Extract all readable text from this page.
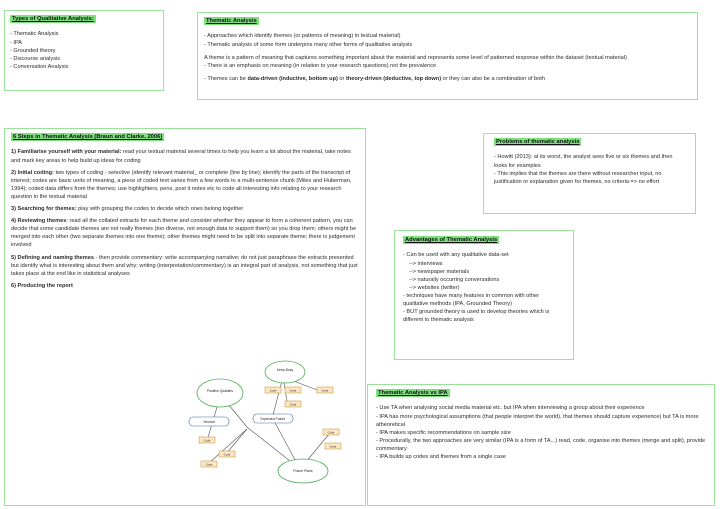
Types of Qualitative Analysis:
- Thematic Analysis
- IPA
- Grounded theory
- Discourse analysis
- Conversation Analysis
Thematic Analysis
- Approaches which identify themes (or patterns of meaning) in textual material)
- Thematic analysis of some form underpins many other forms of qualitative analysis
A theme is a pattern of meaning that captures something important about the material and represents some level of patterned response within the dataset (textual material)
- There is an emphasis on meaning (in relation to your research questions) not the prevalence
- Themes can be data-driven (inductive, bottom up) or theory-driven (deductive, top down) or they can also be a combination of both
6 Steps in Thematic Analysis (Braun and Clarke, 2006)

1) Familiarise yourself with your material: read your textual material several times to help you learn a lot about the material, take notes and mark key areas to help build up ideas for coding

2) Initial coding: two types of coding - selective (identify relevant material_ or complete (line by line); identify the parts of the transcript of interest; codes are basic units of meaning, a piece of coded text varies from a few words to a multi-sentence chunk (Miles and Huberman, 1994); coded data differs from the themes; use highlighters, pens, post it notes etc to code all interesting info relating to your research question in the textual material

3) Searching for themes: play with grouping the codes to decide which ones belong together

4) Reviewing themes: read all the collated extracts for each theme and consider whether they appear to form a coherent pattern, you can decide that some candidate themes are not really themes (too diverse, not enough data to support them) so you drop them; others might be merged into each other (two separate themes into one theme); other themes might need to be split into separate theme; there is judgement involved

5) Defining and naming themes - then provide commentary: write accompanying narrative; do not just paraphrase the extracts presented but identify what is interesting about them and why; writing (interpretation/commentary) is an integral part of analysis, not something that just takes place at the end like in statistical analyses

6) Producing the report

Positive Qualities
Keep Busy
Future Plans
Neutral
Expected Future
Code	Code	Code
Code
Code
Code
Code
Code
Code
Problems of thematic analysis
- Howitt (2013): at its worst, the analyst sees five or six themes and then looks for examples
- This implies that the themes are there without researcher input, no justification or explanation given for themes, no criteria => no effort
Advantages of Thematic Analysis
- Can be used with any qualitative data-set
--> interviews
--> newspaper materials
--> naturally occurring conversations
--> websites (twitter)
- techniques have many features in common with other qualitative methods (IPA, Grounded Theory)
- BUT grounded theory is used to develop theories which is different to thematic analysis
Thematic Analysis vs IPA
- Use TA when analysing social media material etc. but IPA when interviewing a group about their experience
- IPA has more psychological assumptions (that people interpret the world), that themes should capture experience) but TA is more atheoretical
- IPA makes specific recommendations on sample size
- Procedurally, the two approaches are very similar (IPA is a form of TA...) read, code, organise into themes (merge and split), provide commentary
- IPA builds up codes and themes from a single case
